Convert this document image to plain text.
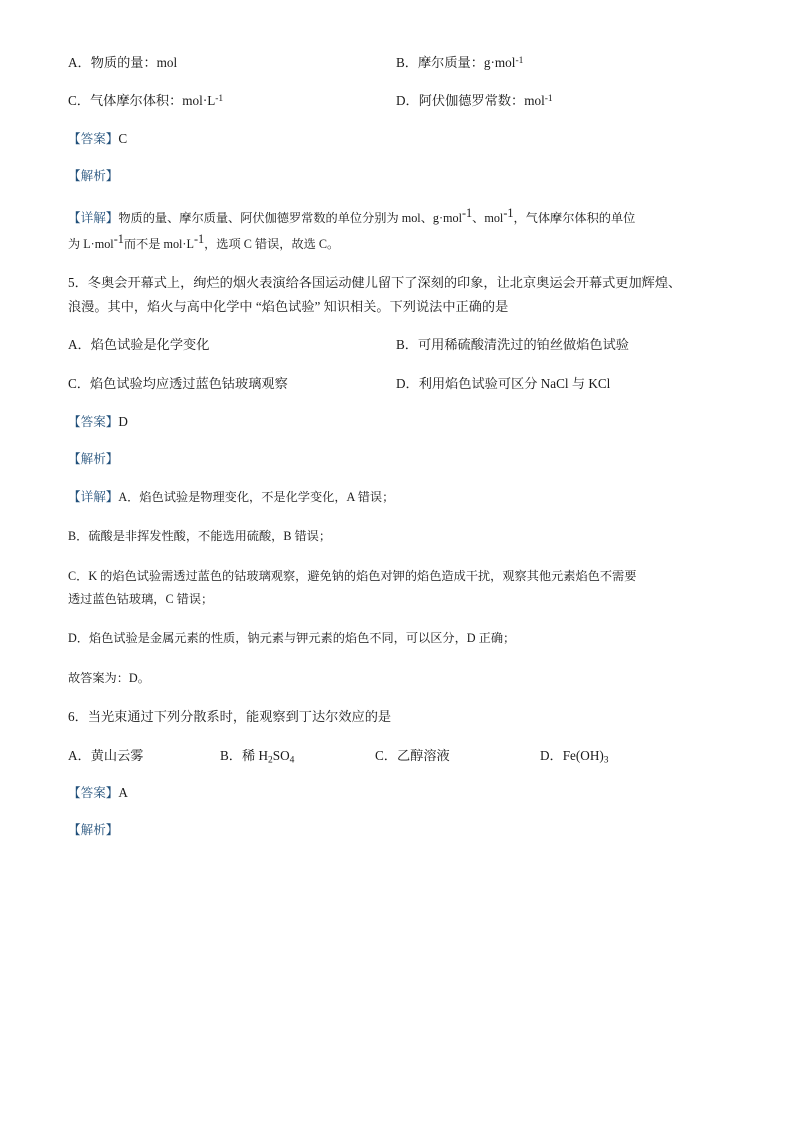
A．物质的量：mol	B．摩尔质量：g·mol$^{-1}$
C．气体摩尔体积：$mol\cdot L^{-1}$	D．阿伏伽德罗常数：mol$^{-1}$
【答案】C
【解析】
【详解】物质的量、摩尔质量、阿伏伽德罗常数的单位分别为 mol、g·mol$^{-1}$、mol$^{-1}$，气体摩尔体积的单位
为 L·mol$^{-1}$而不是 $mol\cdot L^{-1}$，选项 C 错误，故选 C。
5．冬奥会开幕式上，绚烂的烟火表演给各国运动健儿留下了深刻的印象，让北京奥运会开幕式更加辉煌、
浪漫。其中，焰火与高中化学中 “焰色试验” 知识相关。下列说法中正确的是
A．焰色试验是化学变化	B．可用稀硫酸清洗过的铂丝做焰色试验
C．焰色试验均应透过蓝色钴玻璃观察	D．利用焰色试验可区分 NaCl 与 KCl
【答案】D
【解析】
【详解】A．焰色试验是物理变化，不是化学变化，A 错误；
B．硫酸是非挥发性酸，不能选用硫酸，B 错误；
C．K 的焰色试验需透过蓝色的钴玻璃观察，避免钠的焰色对钾的焰色造成干扰，观察其他元素焰色不需要
透过蓝色钴玻璃，C 错误；
D．焰色试验是金属元素的性质，钠元素与钾元素的焰色不同，可以区分，D 正确；
故答案为：D。
6．当光束通过下列分散系时，能观察到丁达尔效应的是
A．黄山云雾	B．稀 $H_2SO_4$	C．乙醇溶液	D．$Fe(OH)_3$
【答案】A
【解析】
